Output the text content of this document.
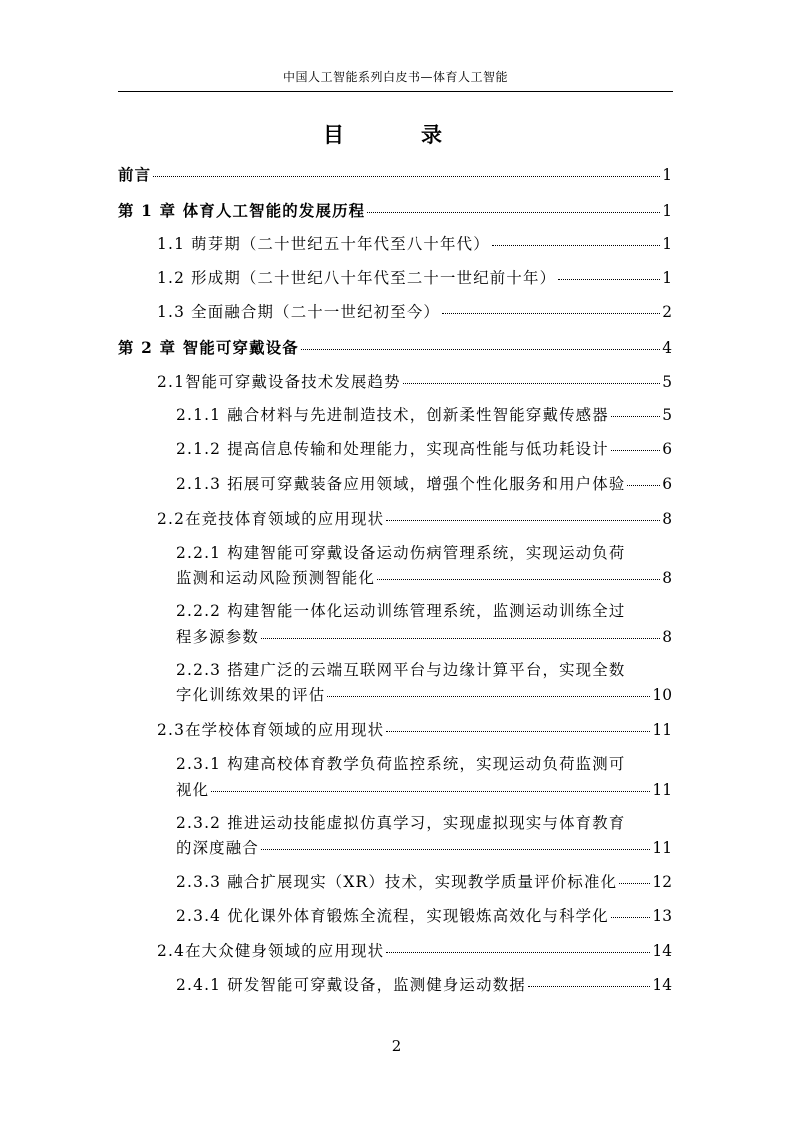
中国人工智能系列白皮书—体育人工智能
目　录
前言	1
第 1 章 体育人工智能的发展历程	1
1.1 萌芽期（二十世纪五十年代至八十年代）	1
1.2 形成期（二十世纪八十年代至二十一世纪前十年）	1
1.3 全面融合期（二十一世纪初至今）	2
第 2 章 智能可穿戴设备	4
2.1智能可穿戴设备技术发展趋势	5
2.1.1 融合材料与先进制造技术，创新柔性智能穿戴传感器	5
2.1.2 提高信息传输和处理能力，实现高性能与低功耗设计	6
2.1.3 拓展可穿戴装备应用领域，增强个性化服务和用户体验 6
2.2在竞技体育领域的应用现状	8
2.2.1 构建智能可穿戴设备运动伤病管理系统，实现运动负荷
监测和运动风险预测智能化	8
2.2.2 构建智能一体化运动训练管理系统，监测运动训练全过
程多源参数	8
2.2.3 搭建广泛的云端互联网平台与边缘计算平台，实现全数
字化训练效果的评估	10
2.3在学校体育领域的应用现状	11
2.3.1 构建高校体育教学负荷监控系统，实现运动负荷监测可
视化	11
2.3.2 推进运动技能虚拟仿真学习，实现虚拟现实与体育教育
的深度融合	11
2.3.3 融合扩展现实（XR）技术，实现教学质量评价标准化 12
2.3.4 优化课外体育锻炼全流程，实现锻炼高效化与科学化	13
2.4在大众健身领域的应用现状	14
2.4.1 研发智能可穿戴设备，监测健身运动数据	14
2
